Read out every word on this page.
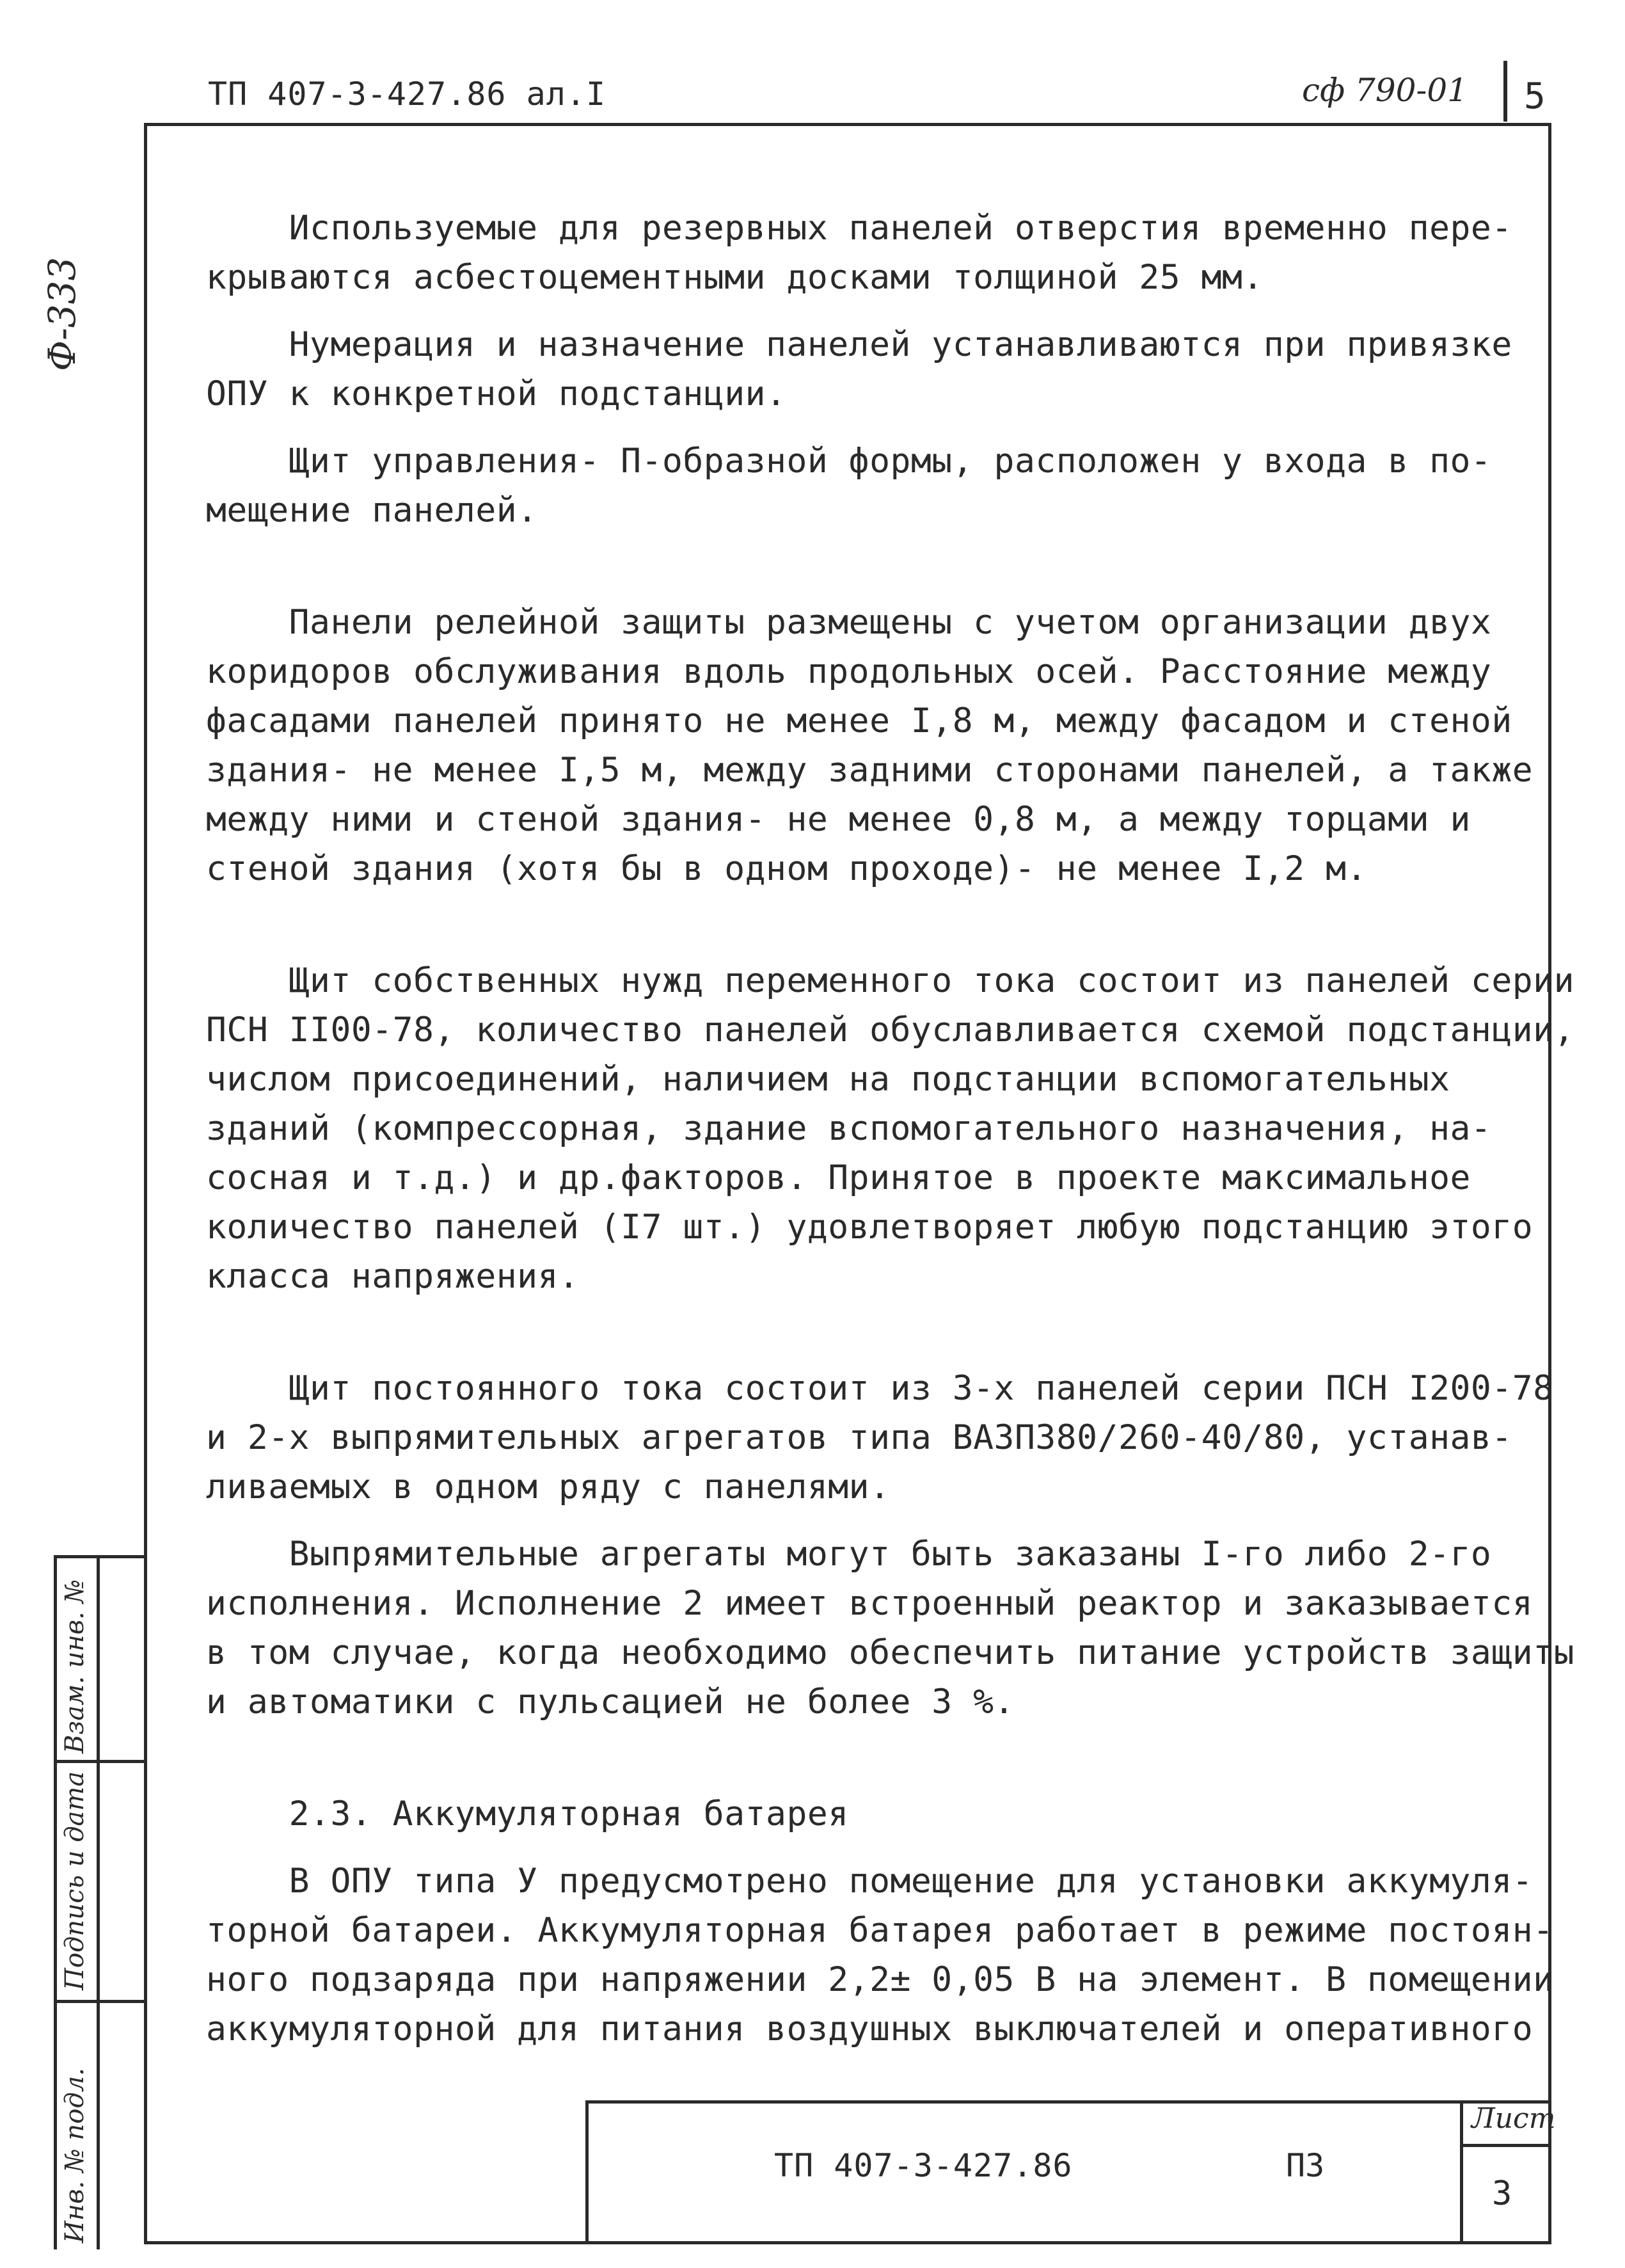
ТП 407-3-427.86 ал.I	сф 790-01 5
Ф-333
Используемые для резервных панелей отверстия временно пере-
крываются асбестоцементными досками толщиной 25 мм.
Нумерация и назначение панелей устанавливаются при привязке
ОПУ к конкретной подстанции.
Щит управления- П-образной формы, расположен у входа в по-
мещение панелей.
Панели релейной защиты размещены с учетом организации двух
коридоров обслуживания вдоль продольных осей. Расстояние между
фасадами панелей принято не менее I,8 м, между фасадом и стеной
здания- не менее I,5 м, между задними сторонами панелей, а также
между ними и стеной здания- не менее 0,8 м, а между торцами и
стеной здания (хотя бы в одном проходе)- не менее I,2 м.
Щит собственных нужд переменного тока состоит из панелей серии
ПСН II00-78, количество панелей обуславливается схемой подстанции,
числом присоединений, наличием на подстанции вспомогательных
зданий (компрессорная, здание вспомогательного назначения, на-
сосная и т.д.) и др.факторов. Принятое в проекте максимальное
количество панелей (I7 шт.) удовлетворяет любую подстанцию этого
класса напряжения.
Щит постоянного тока состоит из 3-х панелей серии ПСН I200-78
и 2-х выпрямительных агрегатов типа ВАЗП380/260-40/80, устанав-
ливаемых в одном ряду с панелями.
Выпрямительные агрегаты могут быть заказаны I-го либо 2-го
исполнения. Исполнение 2 имеет встроенный реактор и заказывается
в том случае, когда необходимо обеспечить питание устройств защиты
и автоматики с пульсацией не более 3 %.
2.3. Аккумуляторная батарея
В ОПУ типа У предусмотрено помещение для установки аккумуля-
торной батареи. Аккумуляторная батарея работает в режиме постоян-
ного подзаряда при напряжении 2,2± 0,05 В на элемент. В помещении
аккумуляторной для питания воздушных выключателей и оперативного
Инв. № подл.
Подпись и дата
Взам. инв. №
ТП 407-3-427.86	ПЗ
Лист
3
